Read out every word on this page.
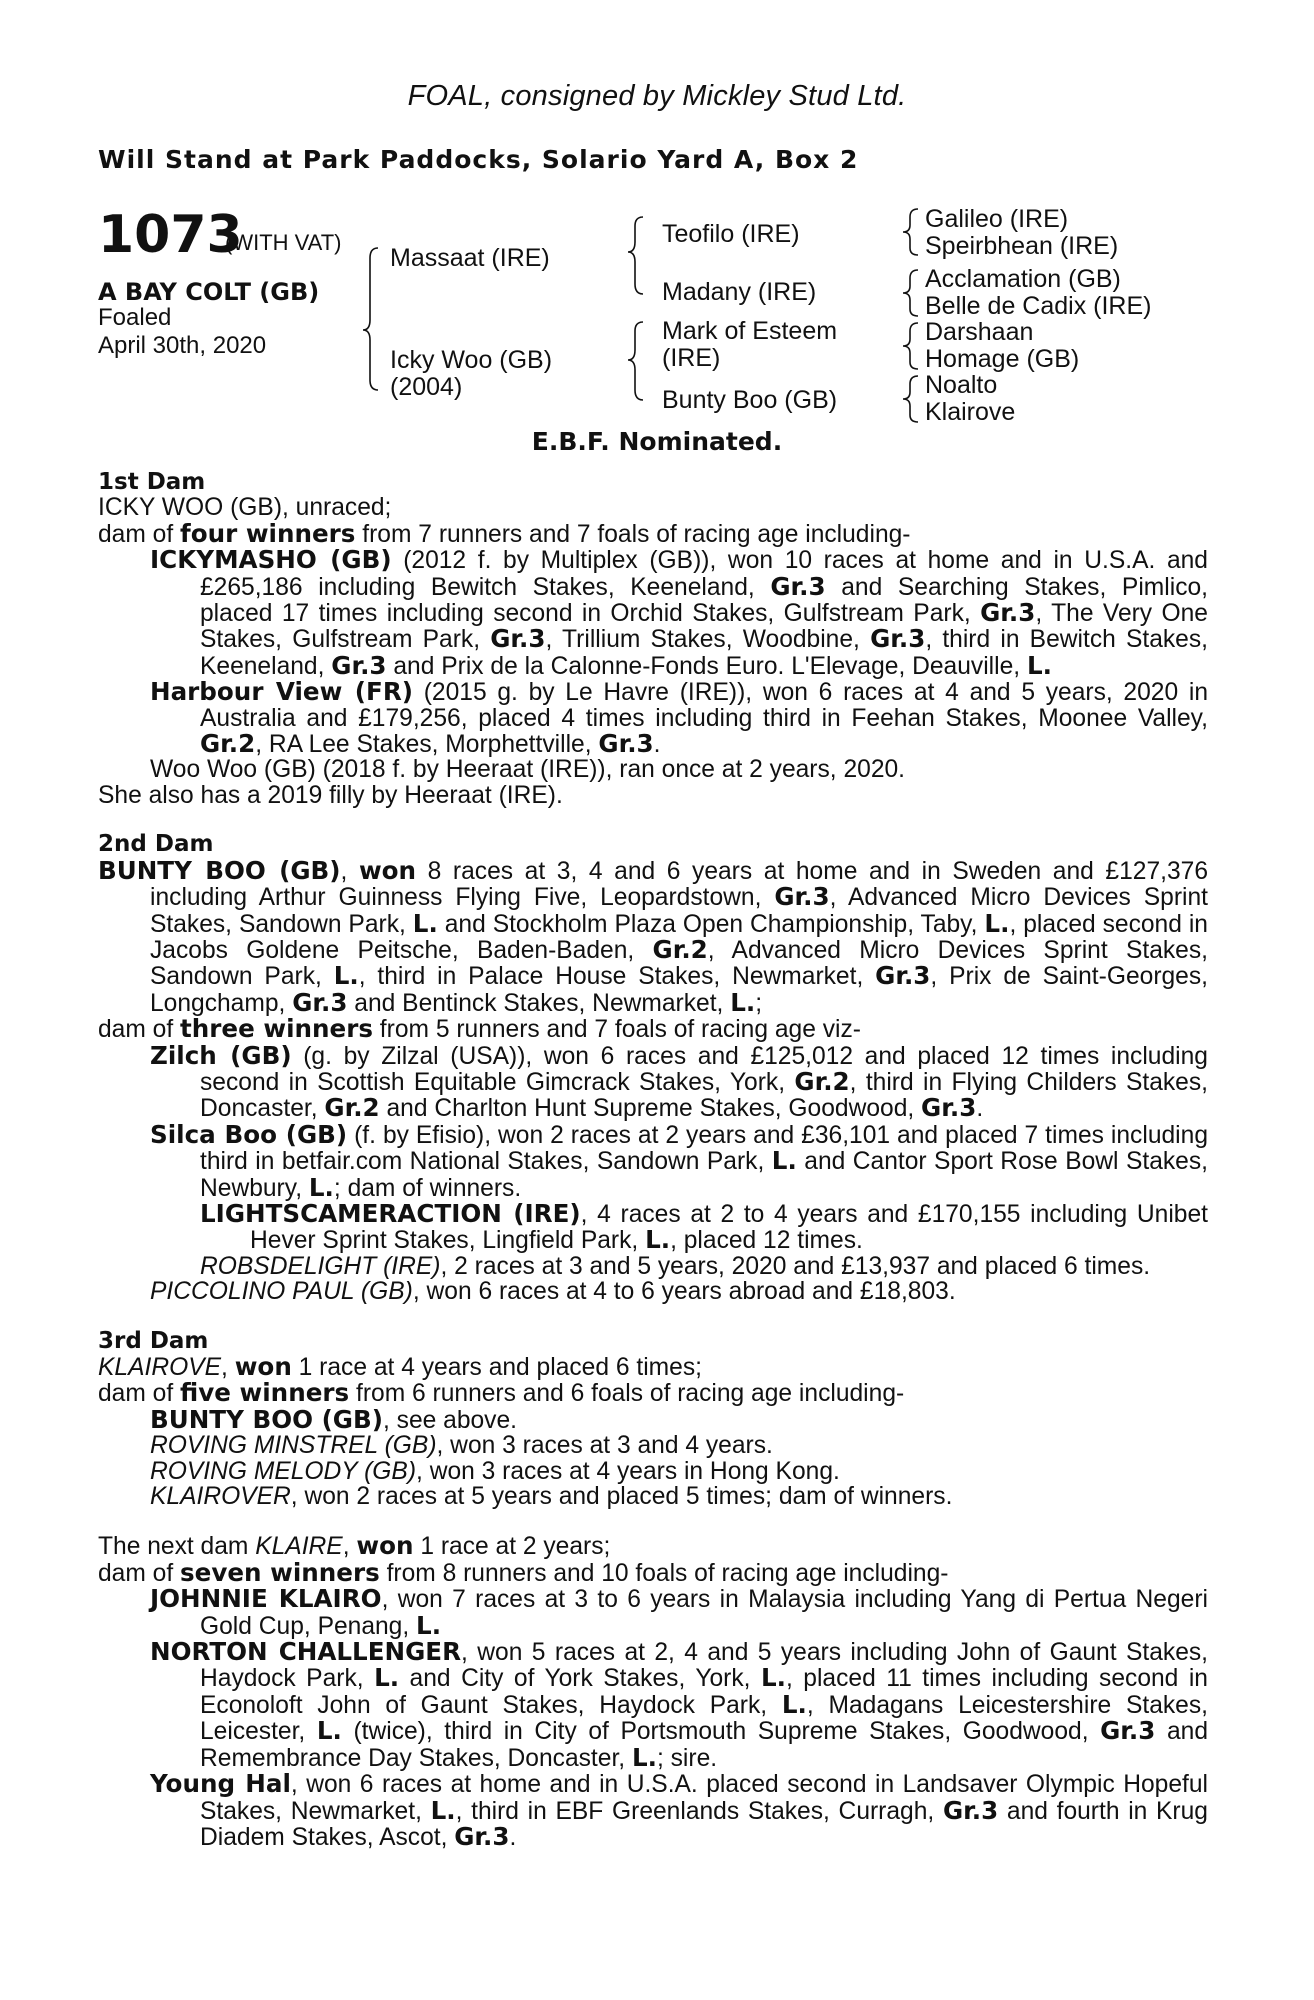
FOAL, consigned by Mickley Stud Ltd.
Will Stand at Park Paddocks, Solario Yard A, Box 2
1073
(WITH VAT)
A BAY COLT (GB)
Foaled
April 30th, 2020
Massaat (IRE)
Icky Woo (GB)
(2004)
Teofilo (IRE)
Madany (IRE)
Mark of Esteem
(IRE)
Bunty Boo (GB)
Galileo (IRE)
Speirbhean (IRE)
Acclamation (GB)
Belle de Cadix (IRE)
Darshaan
Homage (GB)
Noalto
Klairove
E.B.F. Nominated.

1st Dam

ICKY WOO (GB), unraced;

dam of four winners from 7 runners and 7 foals of racing age including-

ICKYMASHO (GB) (2012 f. by Multiplex (GB)), won 10 races at home and in U.S.A. and £265,186 including Bewitch Stakes, Keeneland, Gr.3 and Searching Stakes, Pimlico, placed 17 times including second in Orchid Stakes, Gulfstream Park, Gr.3, The Very One Stakes, Gulfstream Park, Gr.3, Trillium Stakes, Woodbine, Gr.3, third in Bewitch Stakes, Keeneland, Gr.3 and Prix de la Calonne-Fonds Euro. L'Elevage, Deauville, L.

Harbour View (FR) (2015 g. by Le Havre (IRE)), won 6 races at 4 and 5 years, 2020 in Australia and £179,256, placed 4 times including third in Feehan Stakes, Moonee Valley, Gr.2, RA Lee Stakes, Morphettville, Gr.3.

Woo Woo (GB) (2018 f. by Heeraat (IRE)), ran once at 2 years, 2020.

She also has a 2019 filly by Heeraat (IRE).

2nd Dam

BUNTY BOO (GB), won 8 races at 3, 4 and 6 years at home and in Sweden and £127,376 including Arthur Guinness Flying Five, Leopardstown, Gr.3, Advanced Micro Devices Sprint Stakes, Sandown Park, L. and Stockholm Plaza Open Championship, Taby, L., placed second in Jacobs Goldene Peitsche, Baden-Baden, Gr.2, Advanced Micro Devices Sprint Stakes, Sandown Park, L., third in Palace House Stakes, Newmarket, Gr.3, Prix de Saint-Georges, Longchamp, Gr.3 and Bentinck Stakes, Newmarket, L.;

dam of three winners from 5 runners and 7 foals of racing age viz-

Zilch (GB) (g. by Zilzal (USA)), won 6 races and £125,012 and placed 12 times including second in Scottish Equitable Gimcrack Stakes, York, Gr.2, third in Flying Childers Stakes, Doncaster, Gr.2 and Charlton Hunt Supreme Stakes, Goodwood, Gr.3.

Silca Boo (GB) (f. by Efisio), won 2 races at 2 years and £36,101 and placed 7 times including third in betfair.com National Stakes, Sandown Park, L. and Cantor Sport Rose Bowl Stakes, Newbury, L.; dam of winners.

LIGHTSCAMERACTION (IRE), 4 races at 2 to 4 years and £170,155 including Unibet Hever Sprint Stakes, Lingfield Park, L., placed 12 times.

ROBSDELIGHT (IRE), 2 races at 3 and 5 years, 2020 and £13,937 and placed 6 times.

PICCOLINO PAUL (GB), won 6 races at 4 to 6 years abroad and £18,803.

3rd Dam

KLAIROVE, won 1 race at 4 years and placed 6 times;

dam of five winners from 6 runners and 6 foals of racing age including-

BUNTY BOO (GB), see above.

ROVING MINSTREL (GB), won 3 races at 3 and 4 years.

ROVING MELODY (GB), won 3 races at 4 years in Hong Kong.

KLAIROVER, won 2 races at 5 years and placed 5 times; dam of winners.

The next dam KLAIRE, won 1 race at 2 years;

dam of seven winners from 8 runners and 10 foals of racing age including-

JOHNNIE KLAIRO, won 7 races at 3 to 6 years in Malaysia including Yang di Pertua Negeri Gold Cup, Penang, L.

NORTON CHALLENGER, won 5 races at 2, 4 and 5 years including John of Gaunt Stakes, Haydock Park, L. and City of York Stakes, York, L., placed 11 times including second in Econoloft John of Gaunt Stakes, Haydock Park, L., Madagans Leicestershire Stakes, Leicester, L. (twice), third in City of Portsmouth Supreme Stakes, Goodwood, Gr.3 and Remembrance Day Stakes, Doncaster, L.; sire.

Young Hal, won 6 races at home and in U.S.A. placed second in Landsaver Olympic Hopeful Stakes, Newmarket, L., third in EBF Greenlands Stakes, Curragh, Gr.3 and fourth in Krug Diadem Stakes, Ascot, Gr.3.
